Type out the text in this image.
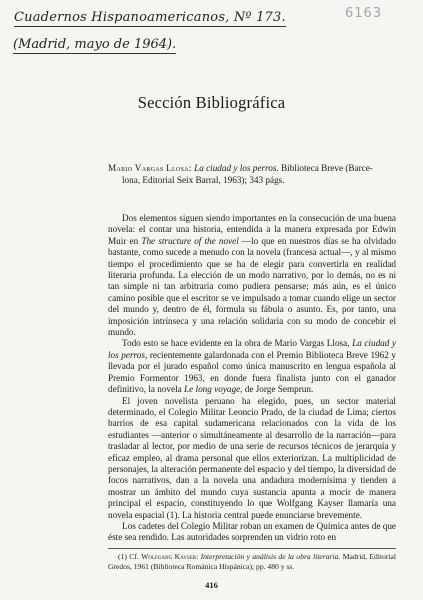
Cuadernos Hispanoamericanos, Nº 173.
(Madrid, mayo de 1964).
6163
Sección Bibliográfica
Mario Vargas Llosa: La ciudad y los perros. Biblioteca Breve (Barce-
lona, Editorial Seix Barral, 1963); 343 págs.

Dos elementos siguen siendo importantes en la consecución de una buena novela: el contar una historia, entendida a la manera expresada por Edwin Muir en The structure of the novel —lo que en nuestros días se ha olvidado bastante, como sucede a menudo con la novela (francesa actual—, y al mismo tiempo el procedimiento que se ha de elegir para convertirla en realidad literaria profunda. La elección de un modo narrativo, por lo demás, no es ni tan simple ni tan arbitraria como pudiera pensarse; más aún, es el único camino posible que el escritor se ve impulsado a tomar cuando elige un sector del mundo y, dentro de él, formula su fábula o asunto. Es, por tanto, una imposición intrínseca y una relación solidaria con su modo de concebir el mundo.

Todo esto se hace evidente en la obra de Mario Vargas Llosa, La ciudad y los perros, recientemente galardonada con el Premio Biblioteca Breve 1962 y llevada por el jurado español como única manuscrito en lengua española al Premio Formentor 1963, en donde fuera finalista junto con el ganador definitivo, la novela Le long voyage, de Jorge Semprun.

El joven novelista peruano ha elegido, pues, un sector material determinado, el Colegio Militar Leoncio Prado, de la ciudad de Lima; ciertos barrios de esa capital sudamericana relacionados con la vida de los estudiantes —anterior o simultáneamente al desarrollo de la narración—para trasladar al lector, por medio de una serie de recursos técnicos de jerarquía y eficaz empleo, al drama personal que ellos exteriorizan. La multiplicidad de personajes, la alteración permanente del espacio y del tiempo, la diversidad de focos narrativos, dan a la novela una andadura modernísima y tienden a mostrar un ámbito del mundo cuya sustancia apunta a mocir de manera principal el espacio, constituyendo lo que Wolfgang Kayser llamaría una novela espacial (1). La historia central puede enunciarse brevemente.

Los cadetes del Colegio Militar roban un examen de Química antes de que éste sea rendido. Las autoridades sorprenden un vidrio roto en

(1) Cf. Wolfgang Kayser: Interpretación y análisis de la obra literaria. Madrid, Editorial Gredos, 1961 (Biblioteca Románica Hispánica); pp. 480 y ss.
416
